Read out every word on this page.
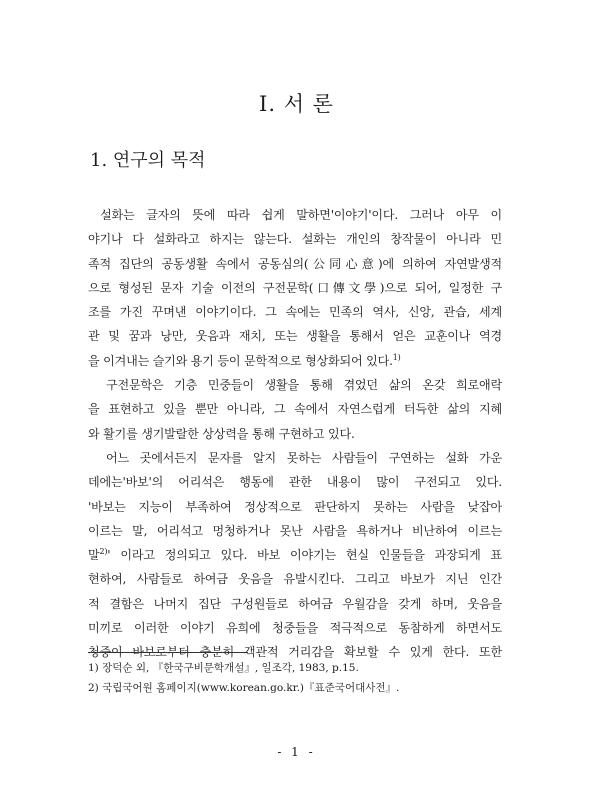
Ⅰ. 서 론
1. 연구의 목적
설화는 글자의 뜻에 따라 쉽게 말하면'이야기'이다. 그러나 아무 이
야기나 다 설화라고 하지는 않는다. 설화는 개인의 창작물이 아니라 민
족적 집단의 공동생활 속에서 공동심의(公同心意)에 의하여 자연발생적
으로 형성된 문자 기술 이전의 구전문학(口傳文學)으로 되어, 일정한 구
조를 가진 꾸며낸 이야기이다. 그 속에는 민족의 역사, 신앙, 관습, 세계
관 및 꿈과 낭만, 웃음과 재치, 또는 생활을 통해서 얻은 교훈이나 역경
을 이겨내는 슬기와 용기 등이 문학적으로 형상화되어 있다.$^{1)}$
구전문학은 기층 민중들이 생활을 통해 겪었던 삶의 온갖 희로애락
을 표현하고 있을 뿐만 아니라, 그 속에서 자연스럽게 터득한 삶의 지혜
와 활기를 생기발랄한 상상력을 통해 구현하고 있다.
어느 곳에서든지 문자를 알지 못하는 사람들이 구연하는 설화 가운
데에는'바보'의 어리석은 행동에 관한 내용이 많이 구전되고 있다.
'바보는 지능이 부족하여 정상적으로 판단하지 못하는 사람을 낮잡아
이르는 말, 어리석고 멍청하거나 못난 사람을 욕하거나 비난하여 이르는
말$^{2)}$' 이라고 정의되고 있다. 바보 이야기는 현실 인물들을 과장되게 표
현하여, 사람들로 하여금 웃음을 유발시킨다. 그리고 바보가 지닌 인간
적 결함은 나머지 집단 구성원들로 하여금 우월감을 갖게 하며, 웃음을
미끼로 이러한 이야기 유희에 청중들을 적극적으로 동참하게 하면서도
청중이 바보로부터 충분히 객관적 거리감을 확보할 수 있게 한다. 또한
1) 장덕순 외, 『한국구비문학개설』, 일조각, 1983, p.15.
2) 국립국어원 홈페이지(www.korean.go.kr.)『표준국어대사전』.
- 1 -
